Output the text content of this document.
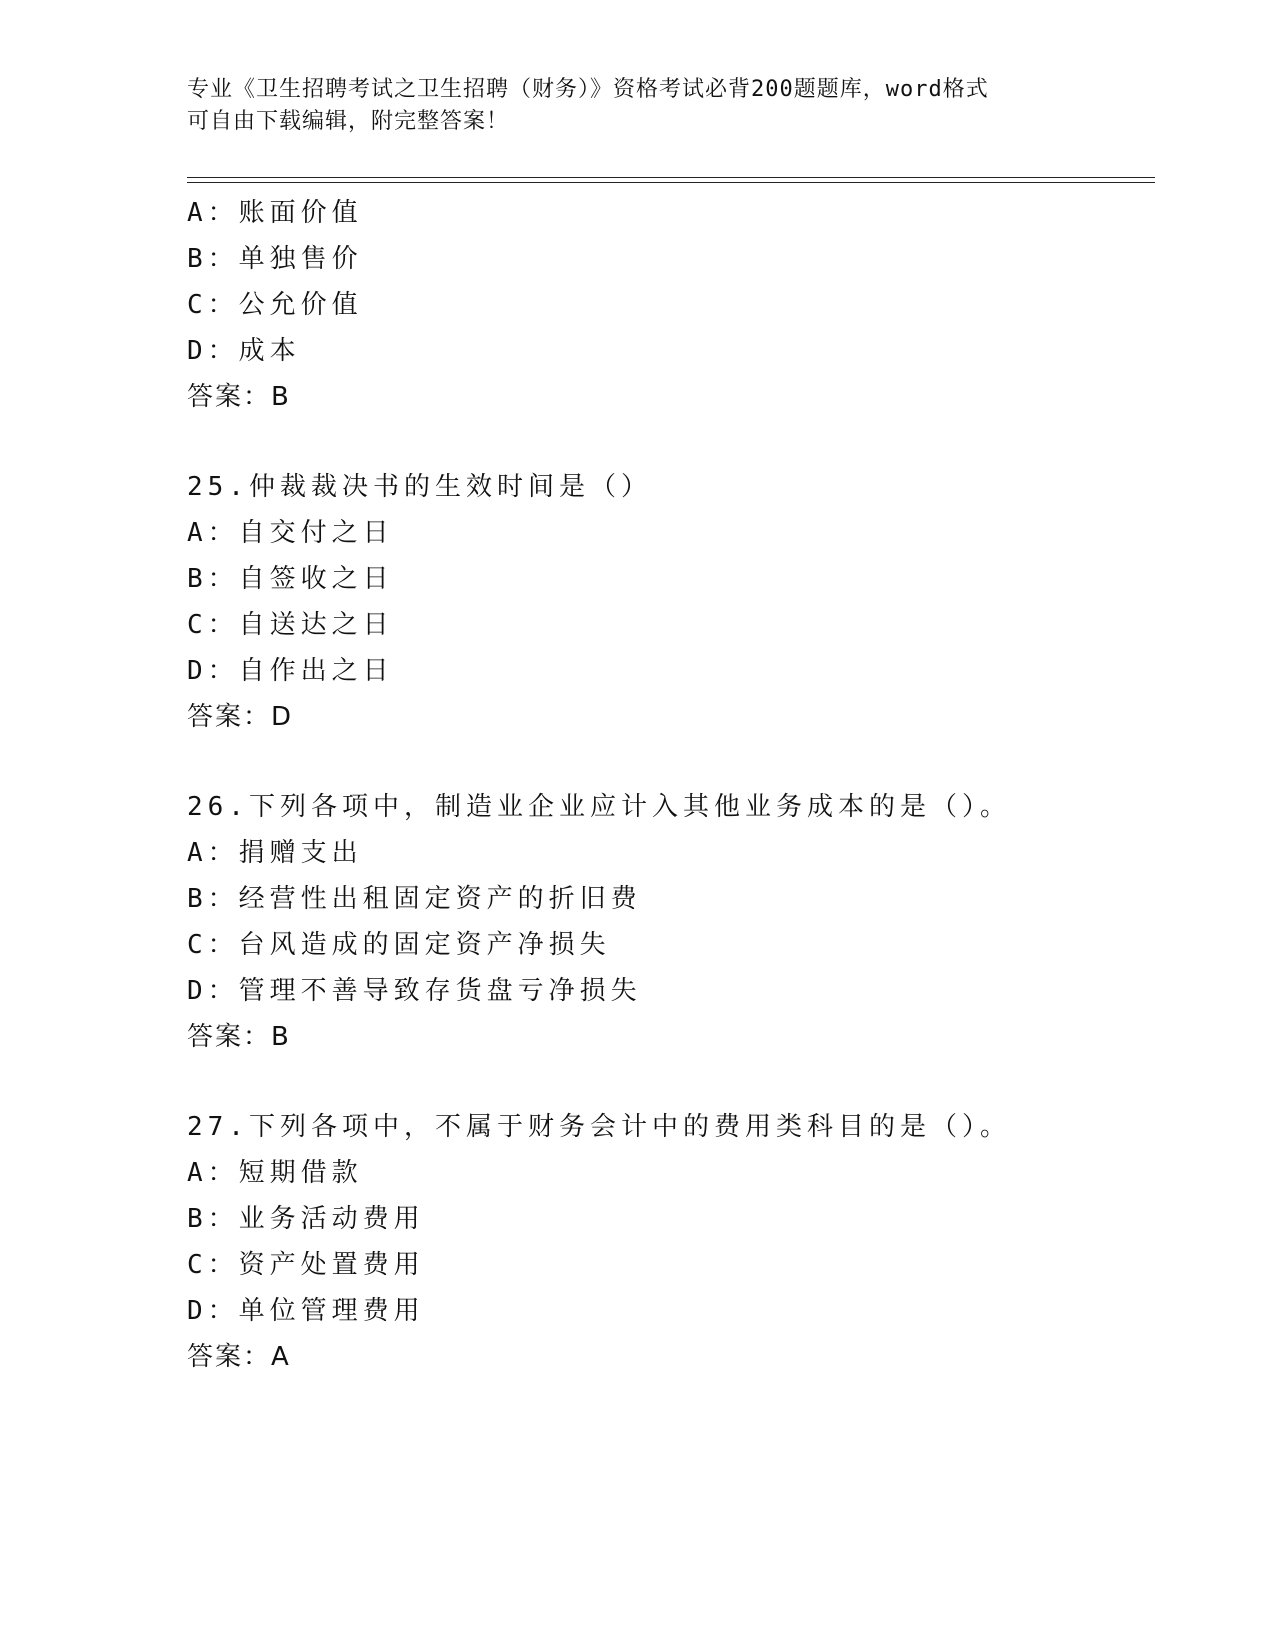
专业《卫生招聘考试之卫生招聘（财务）》资格考试必背200题题库，word格式
可自由下载编辑，附完整答案！
A：账面价值
B：单独售价
C：公允价值
D：成本
答案：B
25.仲裁裁决书的生效时间是（）
A：自交付之日
B：自签收之日
C：自送达之日
D：自作出之日
答案：D
26.下列各项中，制造业企业应计入其他业务成本的是（）。
A：捐赠支出
B：经营性出租固定资产的折旧费
C：台风造成的固定资产净损失
D：管理不善导致存货盘亏净损失
答案：B
27.下列各项中，不属于财务会计中的费用类科目的是（）。
A：短期借款
B：业务活动费用
C：资产处置费用
D：单位管理费用
答案：A
